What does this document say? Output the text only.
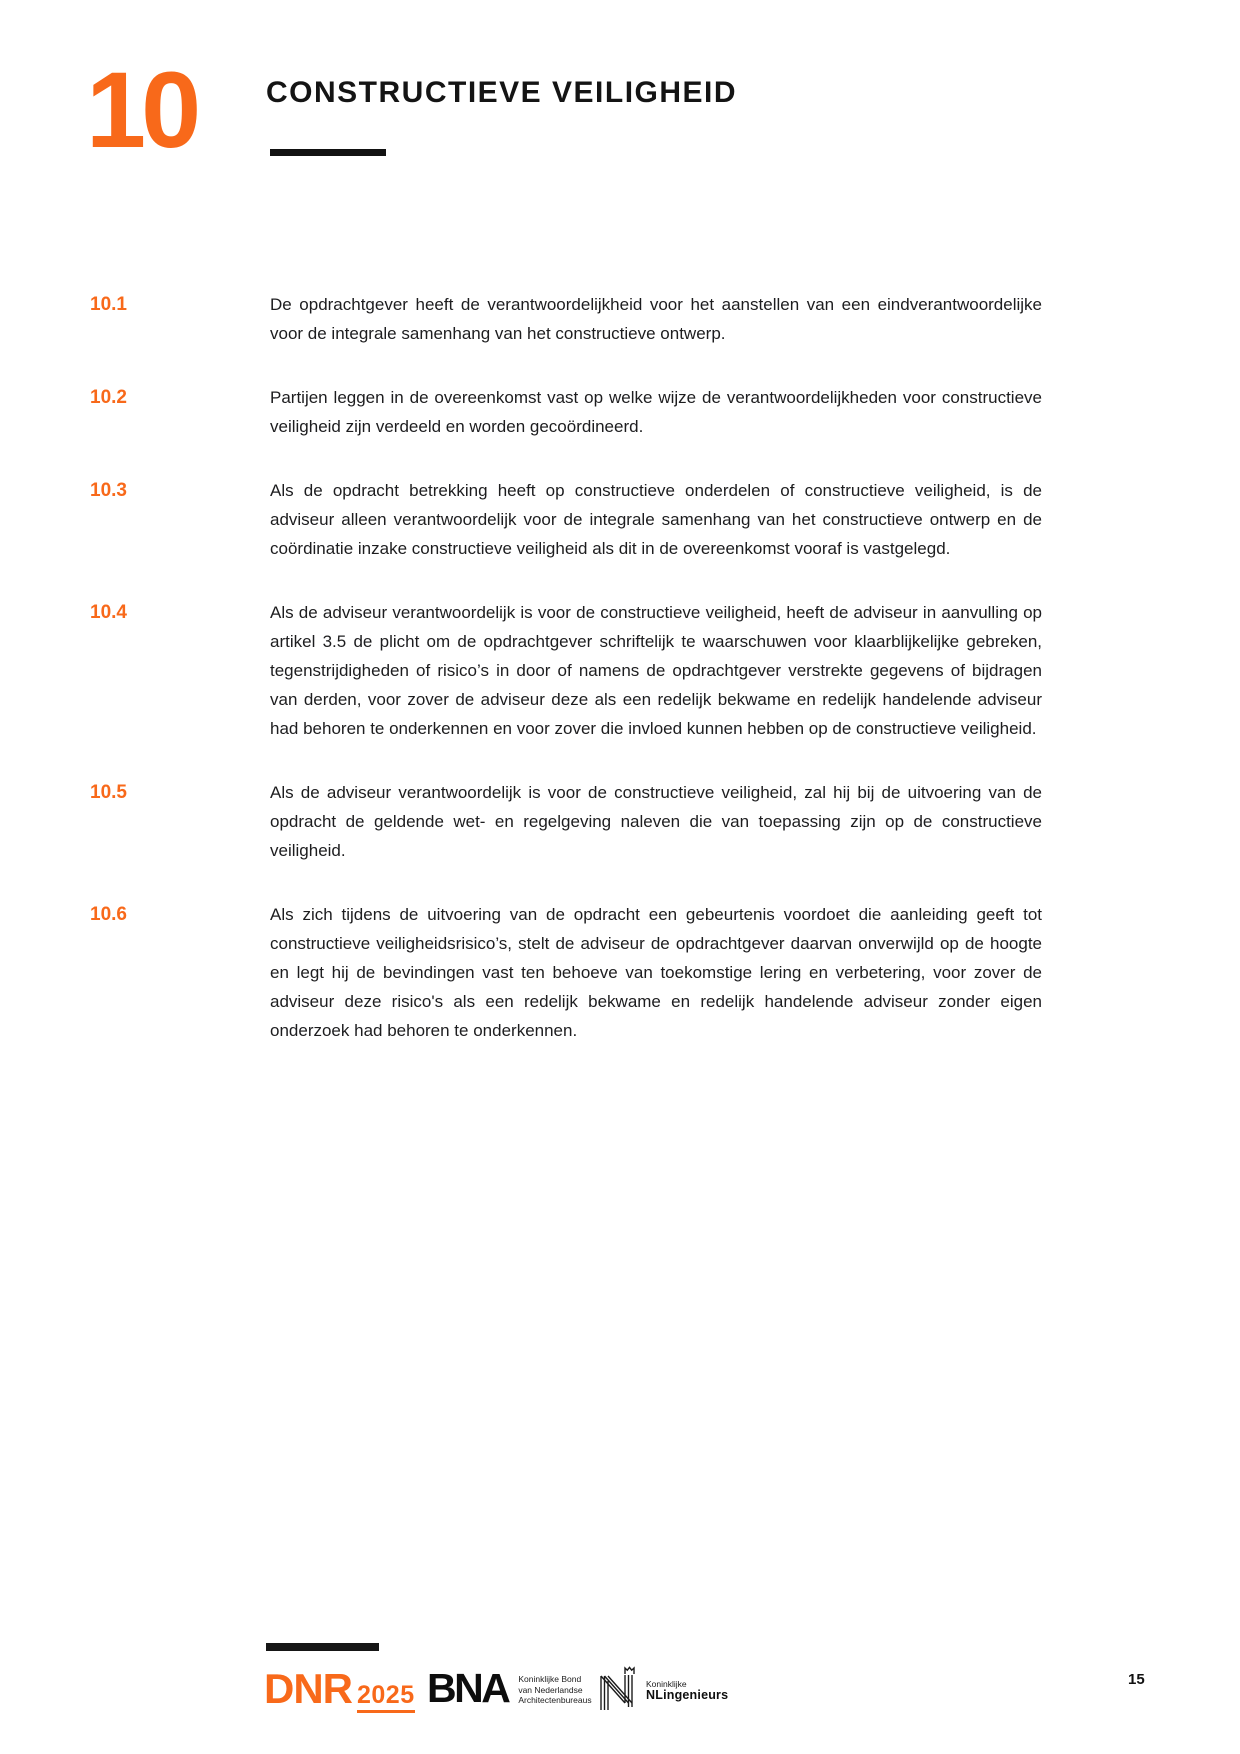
10 CONSTRUCTIEVE VEILIGHEID
10.1	De opdrachtgever heeft de verantwoordelijkheid voor het aanstellen van een eindverantwoordelijke voor de integrale samenhang van het constructieve ontwerp.
10.2	Partijen leggen in de overeenkomst vast op welke wijze de verantwoordelijkheden voor constructieve veiligheid zijn verdeeld en worden gecoördineerd.
10.3	Als de opdracht betrekking heeft op constructieve onderdelen of constructieve veiligheid, is de adviseur alleen verantwoordelijk voor de integrale samenhang van het constructieve ontwerp en de coördinatie inzake constructieve veiligheid als dit in de overeenkomst vooraf is vastgelegd.
10.4	Als de adviseur verantwoordelijk is voor de constructieve veiligheid, heeft de adviseur in aanvulling op artikel 3.5 de plicht om de opdrachtgever schriftelijk te waarschuwen voor klaarblijkelijke gebreken, tegenstrijdigheden of risico’s in door of namens de opdrachtgever verstrekte gegevens of bijdragen van derden, voor zover de adviseur deze als een redelijk bekwame en redelijk handelende adviseur had behoren te onderkennen en voor zover die invloed kunnen hebben op de constructieve veiligheid.
10.5	Als de adviseur verantwoordelijk is voor de constructieve veiligheid, zal hij bij de uitvoering van de opdracht de geldende wet- en regelgeving naleven die van toepassing zijn op de constructieve veiligheid.
10.6	Als zich tijdens de uitvoering van de opdracht een gebeurtenis voordoet die aanleiding geeft tot constructieve veiligheidsrisico’s, stelt de adviseur de opdrachtgever daarvan onverwijld op de hoogte en legt hij de bevindingen vast ten behoeve van toekomstige lering en verbetering, voor zover de adviseur deze risico's als een redelijk bekwame en redelijk handelende adviseur zonder eigen onderzoek had behoren te onderkennen.
DNR 2025 BNA Koninklijke Bond
van Nederlandse
Architectenbureaus
Koninklijke
NLingenieurs
15
